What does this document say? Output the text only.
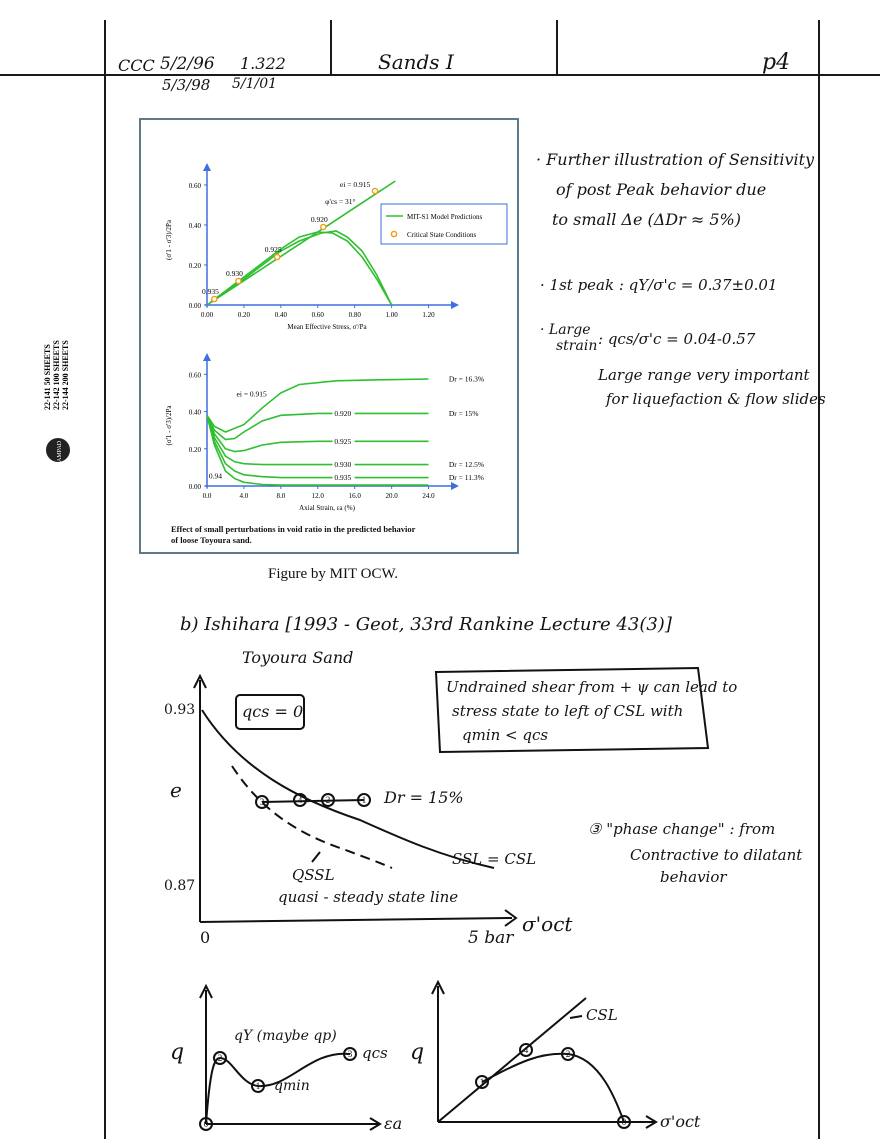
CCC 5/2/96 1.322
5/3/98 5/1/01
Sands I	p4
22-141 50 SHEETS 22-142 100 SHEETS 22-144 200 SHEETS
AMPAD
0.00	0.20	0.40	0.60	0.80	1.00	1.20
0.00
0.20
0.40
0.60
Mean Effective Stress, σ'/Pa
(σ'1 - σ'3)/2Pa
0.935
0.930
0.925
0.920
ei = 0.915
φ'cs = 31°
MIT-S1 Model Predictions
Critical State Conditions
0.0	4.0	8.0	12.0	16.0	20.0	24.0
0.00
0.20
0.40
0.60
Axial Strain, εa (%)
(σ'1 - σ'3)/2Pa
Dr = 16.3%
0.920	Dr = 15%
0.925
0.930	Dr = 12.5%
0.935	Dr = 11.3%
ei = 0.915
0.94
Effect of small perturbations in void ratio in the predicted behavior
of loose Toyoura sand.
Figure by MIT OCW.
· Further illustration of Sensitivity
of post Peak behavior due
to small Δe (ΔDr ≈ 5%)
· 1st peak : qY/σ'c = 0.37±0.01
· Large
strain : qcs/σ'c = 0.04-0.57
Large range very important
for liquefaction & flow slides
b) Ishihara [1993 - Geot, 33rd Rankine Lecture 43(3)]
Toyoura Sand
1
2
4
3
0
2
1
3
1
4	2
0
0.93
e
0.87
qcs = 0
Undrained shear from + ψ can lead to
stress state to left of CSL with
qmin < qcs
Dr = 15%
SSL = CSL
QSSL
quasi - steady state line
0	5 bar
σ'oct
③ "phase change" : from
Contractive to dilatant
behavior
q
qY (maybe qp)
qmin
qcs
εa
q
CSL
σ'oct
